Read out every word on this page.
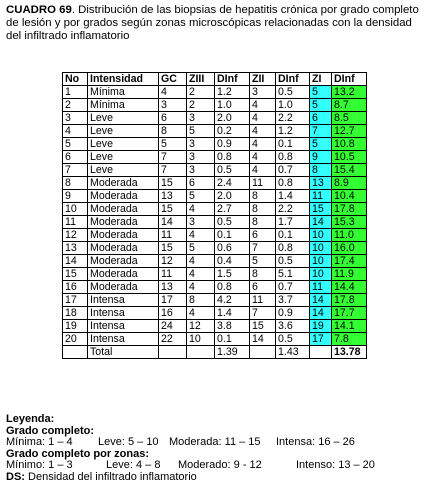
CUADRO 69. Distribución de las biopsias de hepatitis crónica por grado completo de lesión y por grados según zonas microscópicas relacionadas con la densidad del infiltrado inflamatorio
No	Intensidad	GC	ZIII	DInf	ZII	DInf	ZI	DInf
1	Mínima	4	2	1.2	3	0.5	5	13.2
2	Mínima	3	2	1.0	4	1.0	5	8.7
3	Leve	6	3	2.0	4	2.2	6	8.5
4	Leve	8	5	0.2	4	1.2	7	12.7
5	Leve	5	3	0.9	4	0.1	5	10.8
6	Leve	7	3	0.8	4	0.8	9	10.5
7	Leve	7	3	0.5	4	0.7	8	15.4
8	Moderada	15	6	2.4	11	0.8	13	8.9
9	Moderada	13	5	2.0	8	1.4	11	10.4
10	Moderada	15	4	2.7	8	2.2	15	17.8
11	Moderada	14	3	0.5	8	1.7	14	15.3
12	Moderada	11	4	0.1	6	0.1	10	11.0
13	Moderada	15	5	0.6	7	0.8	10	16.0
14	Moderada	12	4	0.4	5	0.5	10	17.4
15	Moderada	11	4	1.5	8	5.1	10	11.9
16	Moderada	13	4	0.8	6	0.7	11	14.4
17	Intensa	17	8	4.2	11	3.7	14	17.8
18	Intensa	16	4	1.4	7	0.9	14	17.7
19	Intensa	24	12	3.8	15	3.6	19	14.1
20	Intensa	22	10	0.1	14	0.5	17	7.8
	Total			1.39		1.43		13.78
Leyenda:
Grado completo:
Mínima: 1 – 4 Leve: 5 – 10 Moderada: 11 – 15 Intensa: 16 – 26
Grado completo por zonas:
Mínimo: 1 – 3	Leve: 4 – 8 Moderado: 9 - 12	Intenso: 13 – 20
DS: Densidad del infiltrado inflamatorio
